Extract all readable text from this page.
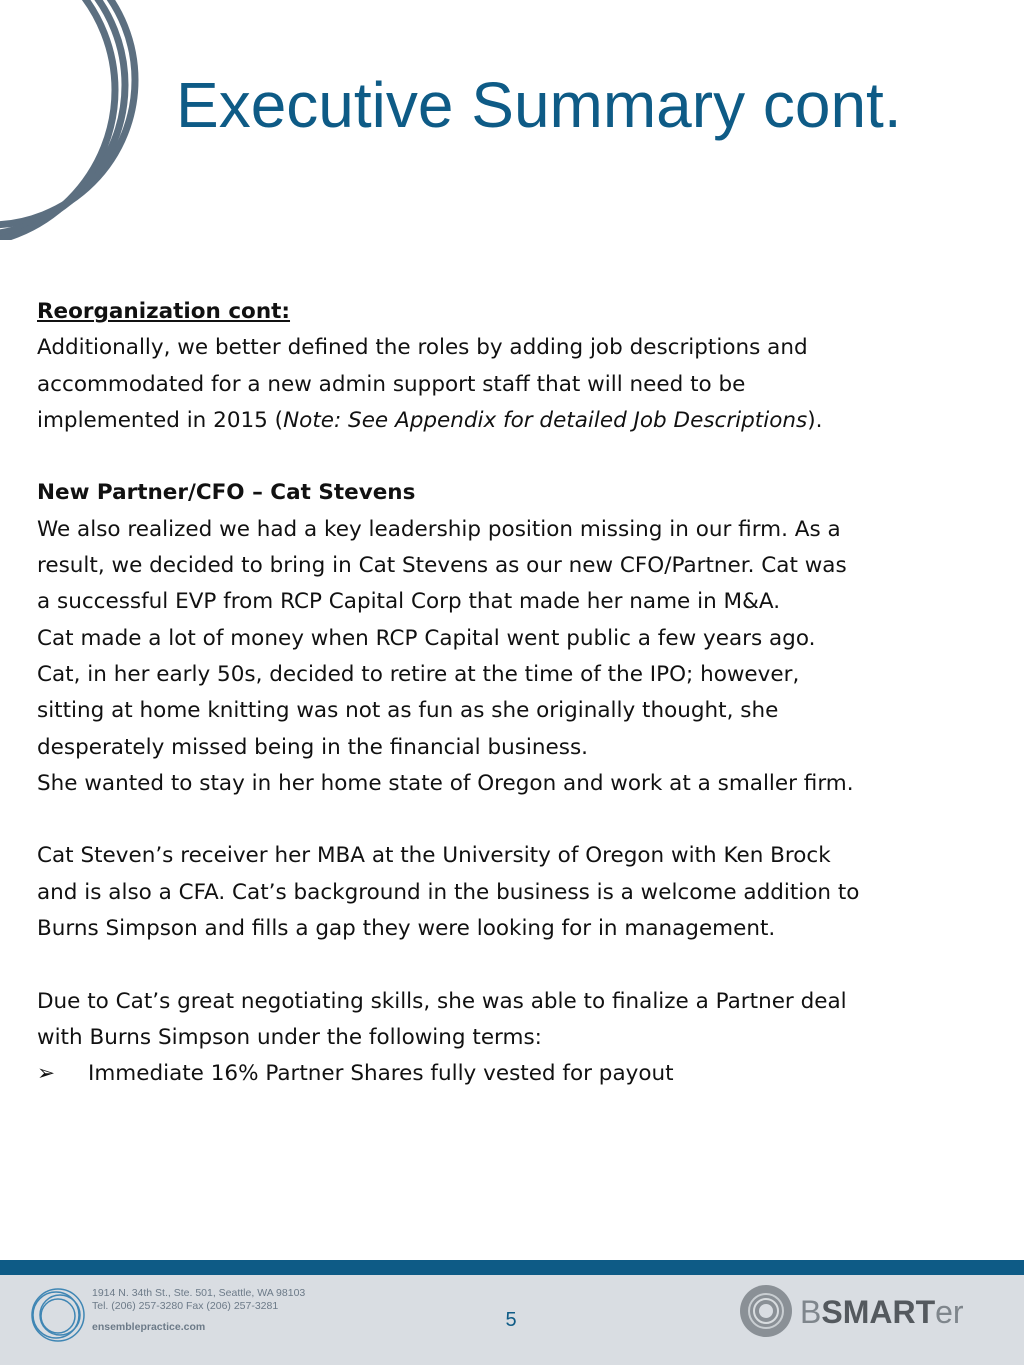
Executive Summary cont.
Reorganization cont:
Additionally, we better defined the roles by adding job descriptions and
accommodated for a new admin support staff that will need to be
implemented in 2015 (Note: See Appendix for detailed Job Descriptions).
New Partner/CFO – Cat Stevens
We also realized we had a key leadership position missing in our firm. As a
result, we decided to bring in Cat Stevens as our new CFO/Partner. Cat was
a successful EVP from RCP Capital Corp that made her name in M&A.
Cat made a lot of money when RCP Capital went public a few years ago.
Cat, in her early 50s, decided to retire at the time of the IPO; however,
sitting at home knitting was not as fun as she originally thought, she
desperately missed being in the financial business.
She wanted to stay in her home state of Oregon and work at a smaller firm.
Cat Steven’s receiver her MBA at the University of Oregon with Ken Brock
and is also a CFA. Cat’s background in the business is a welcome addition to
Burns Simpson and fills a gap they were looking for in management.
Due to Cat’s great negotiating skills, she was able to finalize a Partner deal
with Burns Simpson under the following terms:
➢ Immediate 16% Partner Shares fully vested for payout
1914 N. 34th St., Ste. 501, Seattle, WA 98103
Tel. (206) 257-3280 Fax (206) 257-3281
ensemblepractice.com	5	BSMARTer
